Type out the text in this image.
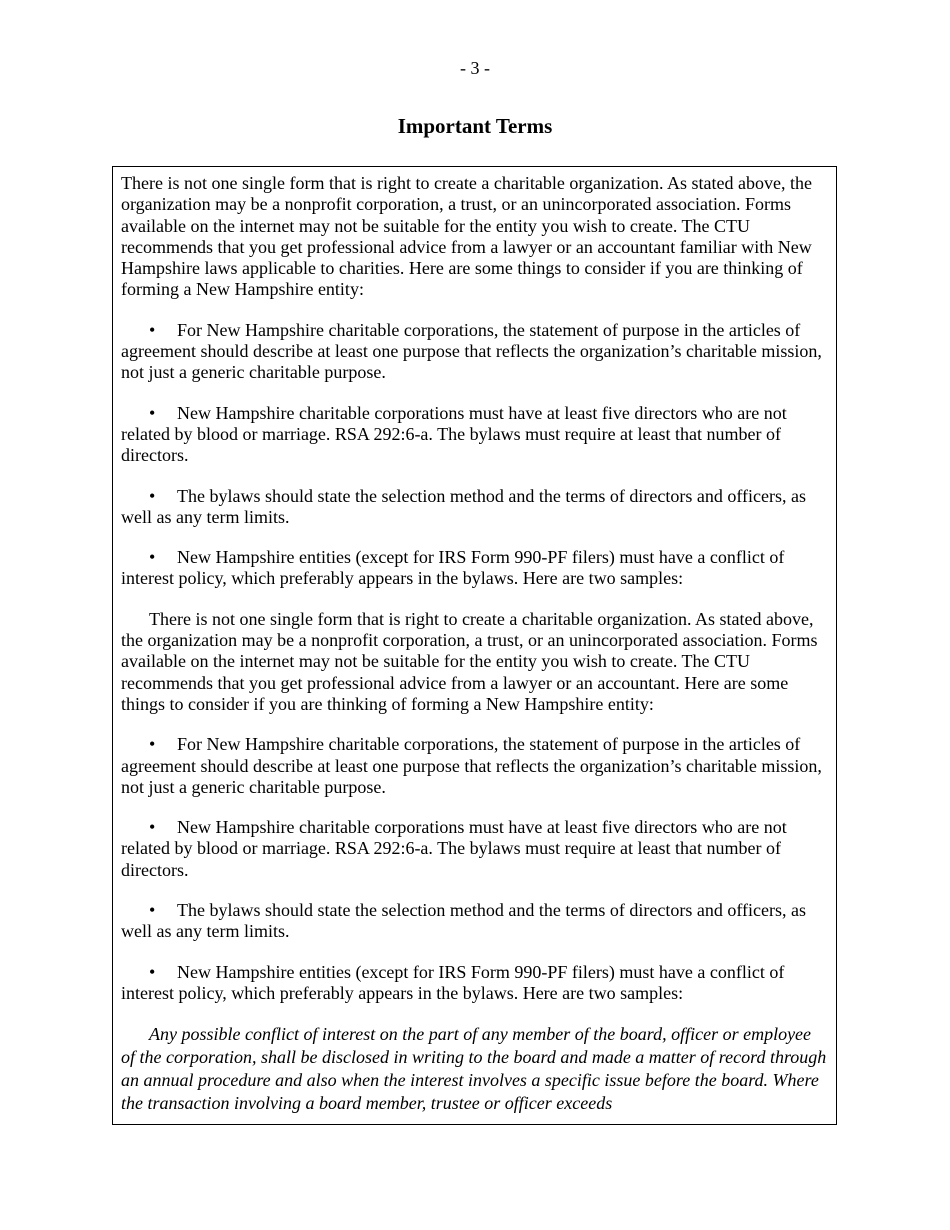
- 3 -
Important Terms

There is not one single form that is right to create a charitable organization. As stated above, the organization may be a nonprofit corporation, a trust, or an unincorporated association. Forms available on the internet may not be suitable for the entity you wish to create. The CTU recommends that you get professional advice from a lawyer or an accountant familiar with New Hampshire laws applicable to charities. Here are some things to consider if you are thinking of forming a New Hampshire entity:

• For New Hampshire charitable corporations, the statement of purpose in the articles of agreement should describe at least one purpose that reflects the organization’s charitable mission, not just a generic charitable purpose.

• New Hampshire charitable corporations must have at least five directors who are not related by blood or marriage. RSA 292:6-a. The bylaws must require at least that number of directors.

• The bylaws should state the selection method and the terms of directors and officers, as well as any term limits.

• New Hampshire entities (except for IRS Form 990-PF filers) must have a conflict of interest policy, which preferably appears in the bylaws. Here are two samples:

There is not one single form that is right to create a charitable organization. As stated above, the organization may be a nonprofit corporation, a trust, or an unincorporated association. Forms available on the internet may not be suitable for the entity you wish to create. The CTU recommends that you get professional advice from a lawyer or an accountant. Here are some things to consider if you are thinking of forming a New Hampshire entity:

• For New Hampshire charitable corporations, the statement of purpose in the articles of agreement should describe at least one purpose that reflects the organization’s charitable mission, not just a generic charitable purpose.

• New Hampshire charitable corporations must have at least five directors who are not related by blood or marriage. RSA 292:6-a. The bylaws must require at least that number of directors.

• The bylaws should state the selection method and the terms of directors and officers, as well as any term limits.

• New Hampshire entities (except for IRS Form 990-PF filers) must have a conflict of interest policy, which preferably appears in the bylaws. Here are two samples:

Any possible conflict of interest on the part of any member of the board, officer or employee of the corporation, shall be disclosed in writing to the board and made a matter of record through an annual procedure and also when the interest involves a specific issue before the board. Where the transaction involving a board member, trustee or officer exceeds
